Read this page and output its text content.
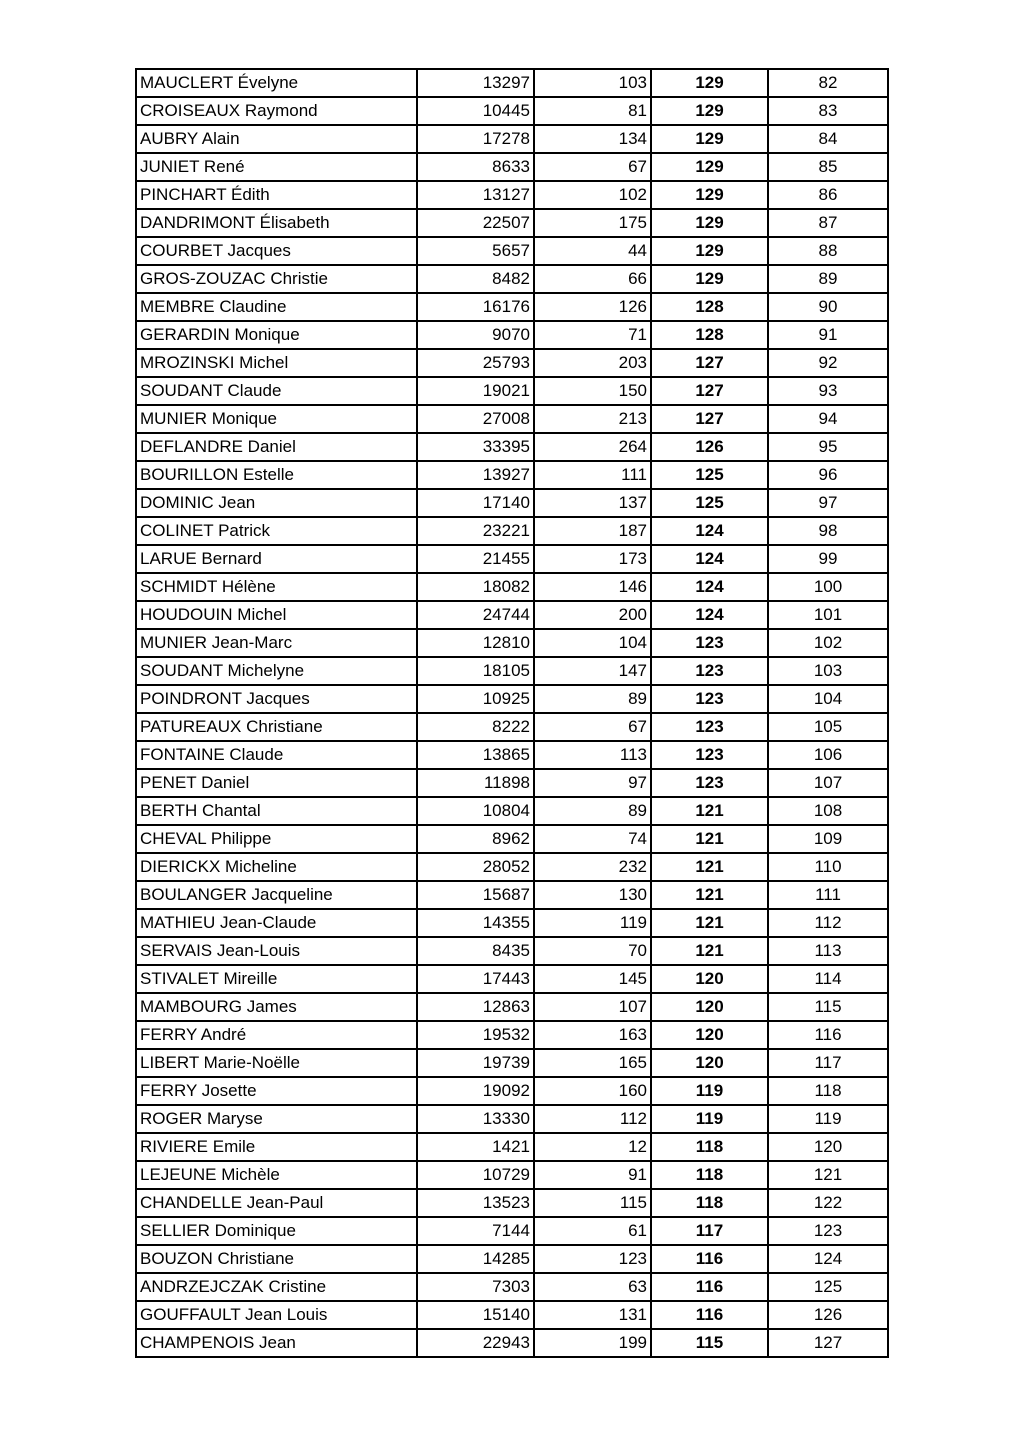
MAUCLERT Évelyne	13297	103	129	82
CROISEAUX Raymond	10445	81	129	83
AUBRY Alain	17278	134	129	84
JUNIET René	8633	67	129	85
PINCHART Édith	13127	102	129	86
DANDRIMONT Élisabeth	22507	175	129	87
COURBET Jacques	5657	44	129	88
GROS-ZOUZAC Christie	8482	66	129	89
MEMBRE Claudine	16176	126	128	90
GERARDIN Monique	9070	71	128	91
MROZINSKI Michel	25793	203	127	92
SOUDANT Claude	19021	150	127	93
MUNIER Monique	27008	213	127	94
DEFLANDRE Daniel	33395	264	126	95
BOURILLON Estelle	13927	111	125	96
DOMINIC Jean	17140	137	125	97
COLINET Patrick	23221	187	124	98
LARUE Bernard	21455	173	124	99
SCHMIDT Hélène	18082	146	124	100
HOUDOUIN Michel	24744	200	124	101
MUNIER Jean-Marc	12810	104	123	102
SOUDANT Michelyne	18105	147	123	103
POINDRONT Jacques	10925	89	123	104
PATUREAUX Christiane	8222	67	123	105
FONTAINE Claude	13865	113	123	106
PENET Daniel	11898	97	123	107
BERTH Chantal	10804	89	121	108
CHEVAL Philippe	8962	74	121	109
DIERICKX Micheline	28052	232	121	110
BOULANGER Jacqueline	15687	130	121	111
MATHIEU Jean-Claude	14355	119	121	112
SERVAIS Jean-Louis	8435	70	121	113
STIVALET Mireille	17443	145	120	114
MAMBOURG James	12863	107	120	115
FERRY André	19532	163	120	116
LIBERT Marie-Noëlle	19739	165	120	117
FERRY Josette	19092	160	119	118
ROGER Maryse	13330	112	119	119
RIVIERE Emile	1421	12	118	120
LEJEUNE Michèle	10729	91	118	121
CHANDELLE Jean-Paul	13523	115	118	122
SELLIER Dominique	7144	61	117	123
BOUZON Christiane	14285	123	116	124
ANDRZEJCZAK Cristine	7303	63	116	125
GOUFFAULT Jean Louis	15140	131	116	126
CHAMPENOIS Jean	22943	199	115	127
